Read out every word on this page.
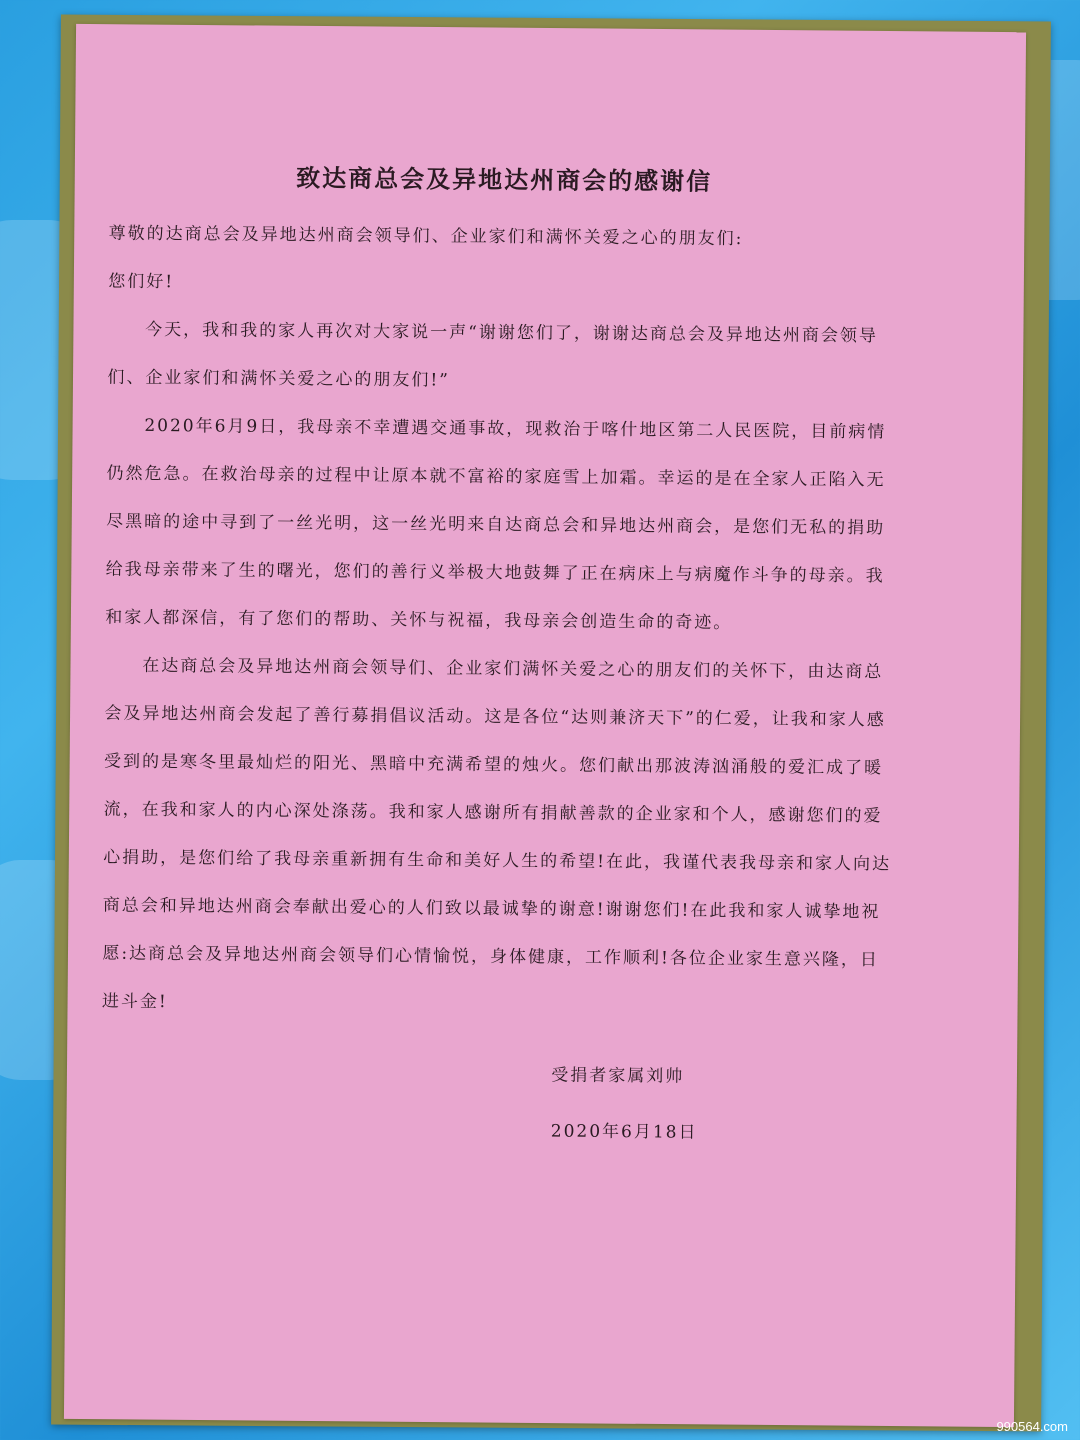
致达商总会及异地达州商会的感谢信

尊敬的达商总会及异地达州商会领导们、企业家们和满怀关爱之心的朋友们:

您们好!

今天，我和我的家人再次对大家说一声“谢谢您们了，谢谢达商总会及异地达州商会领导们、企业家们和满怀关爱之心的朋友们!”

2020年6月9日，我母亲不幸遭遇交通事故，现救治于喀什地区第二人民医院，目前病情仍然危急。在救治母亲的过程中让原本就不富裕的家庭雪上加霜。幸运的是在全家人正陷入无尽黑暗的途中寻到了一丝光明，这一丝光明来自达商总会和异地达州商会，是您们无私的捐助给我母亲带来了生的曙光，您们的善行义举极大地鼓舞了正在病床上与病魔作斗争的母亲。我和家人都深信，有了您们的帮助、关怀与祝福，我母亲会创造生命的奇迹。

在达商总会及异地达州商会领导们、企业家们满怀关爱之心的朋友们的关怀下，由达商总会及异地达州商会发起了善行募捐倡议活动。这是各位“达则兼济天下”的仁爱，让我和家人感受到的是寒冬里最灿烂的阳光、黑暗中充满希望的烛火。您们献出那波涛汹涌般的爱汇成了暖流，在我和家人的内心深处涤荡。我和家人感谢所有捐献善款的企业家和个人，感谢您们的爱心捐助，是您们给了我母亲重新拥有生命和美好人生的希望!在此，我谨代表我母亲和家人向达商总会和异地达州商会奉献出爱心的人们致以最诚挚的谢意!谢谢您们!在此我和家人诚挚地祝愿:达商总会及异地达州商会领导们心情愉悦，身体健康，工作顺利!各位企业家生意兴隆，日进斗金!

受捐者家属刘帅
2020年6月18日
990564.com
